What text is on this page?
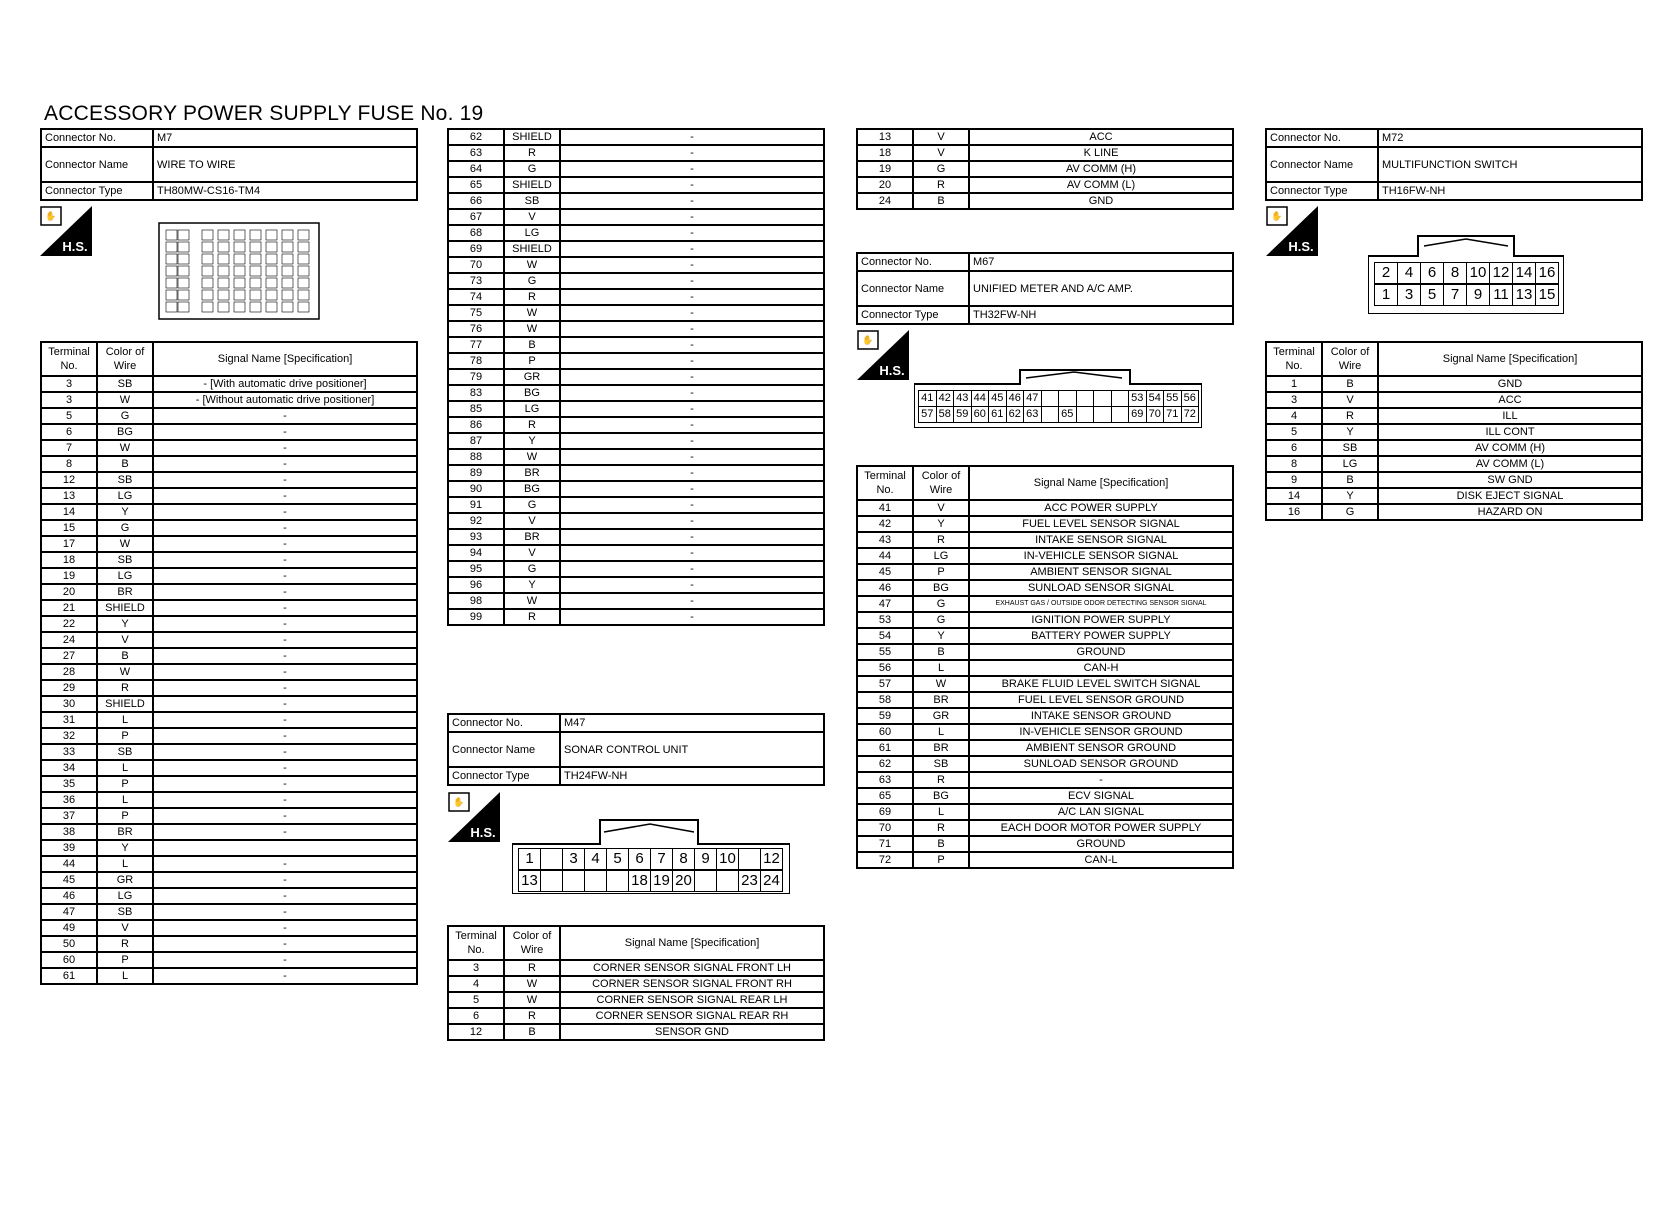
ACCESSORY POWER SUPPLY FUSE No. 19
Connector No.	M7
Connector Name	WIRE TO WIRE
Connector Type	TH80MW-CS16-TM4
✋
H.S.
Terminal No.	Color of Wire	Signal Name [Specification]
3	SB	- [With automatic drive positioner]
3	W	- [Without automatic drive positioner]
5	G	-
6	BG	-
7	W	-
8	B	-
12	SB	-
13	LG	-
14	Y	-
15	G	-
17	W	-
18	SB	-
19	LG	-
20	BR	-
21	SHIELD	-
22	Y	-
24	V	-
27	B	-
28	W	-
29	R	-
30	SHIELD	-
31	L	-
32	P	-
33	SB	-
34	L	-
35	P	-
36	L	-
37	P	-
38	BR	-
39	Y	
44	L	-
45	GR	-
46	LG	-
47	SB	-
49	V	-
50	R	-
60	P	-
61	L	-
62	SHIELD	-
63	R	-
64	G	-
65	SHIELD	-
66	SB	-
67	V	-
68	LG	-
69	SHIELD	-
70	W	-
73	G	-
74	R	-
75	W	-
76	W	-
77	B	-
78	P	-
79	GR	-
83	BG	-
85	LG	-
86	R	-
87	Y	-
88	W	-
89	BR	-
90	BG	-
91	G	-
92	V	-
93	BR	-
94	V	-
95	G	-
96	Y	-
98	W	-
99	R	-
Connector No.	M47
Connector Name	SONAR CONTROL UNIT
Connector Type	TH24FW-NH
✋
H.S.
1	3 4 5 6 7 8 9 10 12
13	18 19 20	23 24
Terminal No.	Color of Wire	Signal Name [Specification]
3	R	CORNER SENSOR SIGNAL FRONT LH
4	W	CORNER SENSOR SIGNAL FRONT RH
5	W	CORNER SENSOR SIGNAL REAR LH
6	R	CORNER SENSOR SIGNAL REAR RH
12	B	SENSOR GND
13	V	ACC
18	V	K LINE
19	G	AV COMM (H)
20	R	AV COMM (L)
24	B	GND
Connector No.	M67
Connector Name	UNIFIED METER AND A/C AMP.
Connector Type	TH32FW-NH
✋
H.S.
41 42 43 44 45 46 47	53 54 55 56
57 58 59 60 61 62 63 65	69 70 71 72
Terminal No.	Color of Wire	Signal Name [Specification]
41	V	ACC POWER SUPPLY
42	Y	FUEL LEVEL SENSOR SIGNAL
43	R	INTAKE SENSOR SIGNAL
44	LG	IN-VEHICLE SENSOR SIGNAL
45	P	AMBIENT SENSOR SIGNAL
46	BG	SUNLOAD SENSOR SIGNAL
47	G	EXHAUST GAS / OUTSIDE ODOR DETECTING SENSOR SIGNAL
53	G	IGNITION POWER SUPPLY
54	Y	BATTERY POWER SUPPLY
55	B	GROUND
56	L	CAN-H
57	W	BRAKE FLUID LEVEL SWITCH SIGNAL
58	BR	FUEL LEVEL SENSOR GROUND
59	GR	INTAKE SENSOR GROUND
60	L	IN-VEHICLE SENSOR GROUND
61	BR	AMBIENT SENSOR GROUND
62	SB	SUNLOAD SENSOR GROUND
63	R	-
65	BG	ECV SIGNAL
69	L	A/C LAN SIGNAL
70	R	EACH DOOR MOTOR POWER SUPPLY
71	B	GROUND
72	P	CAN-L
Connector No.	M72
Connector Name	MULTIFUNCTION SWITCH
Connector Type	TH16FW-NH
✋
H.S.
2 4 6 8 10 12 14 16
1 3 5 7 9 11 13 15
Terminal No.	Color of Wire	Signal Name [Specification]
1	B	GND
3	V	ACC
4	R	ILL
5	Y	ILL CONT
6	SB	AV COMM (H)
8	LG	AV COMM (L)
9	B	SW GND
14	Y	DISK EJECT SIGNAL
16	G	HAZARD ON
